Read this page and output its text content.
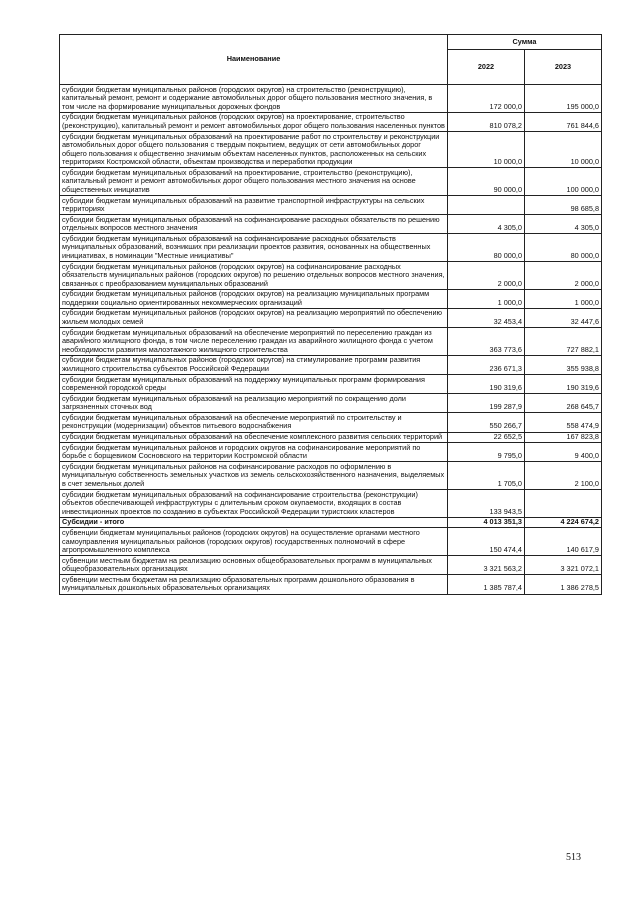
Наименование	Сумма	
	2022	2023
субсидии бюджетам муниципальных районов (городских округов) на строительство (реконструкцию), капитальный ремонт, ремонт и содержание автомобильных дорог общего пользования местного значения, в том числе на формирование муниципальных дорожных фондов	172 000,0	195 000,0
субсидии бюджетам муниципальных районов (городских округов) на проектирование, строительство (реконструкцию), капитальный ремонт и ремонт автомобильных дорог общего пользования населенных пунктов	810 078,2	761 844,6
субсидии бюджетам муниципальных образований на проектирование работ по строительству и реконструкции автомобильных дорог общего пользования с твердым покрытием, ведущих от сети автомобильных дорог общего пользования к общественно значимым объектам населенных пунктов, расположенных на сельских территориях Костромской области, объектам производства и переработки продукции	10 000,0	10 000,0
субсидии бюджетам муниципальных образований на проектирование, строительство (реконструкцию), капитальный ремонт и ремонт автомобильных дорог общего пользования местного значения на основе общественных инициатив	90 000,0	100 000,0
субсидии бюджетам муниципальных образований на развитие транспортной инфраструктуры на сельских территориях		98 685,8
субсидии бюджетам муниципальных образований на софинансирование расходных обязательств по решению отдельных вопросов местного значения	4 305,0	4 305,0
субсидии бюджетам муниципальных образований на софинансирование расходных обязательств муниципальных образований, возникших при реализации проектов развития, основанных на общественных инициативах, в номинации "Местные инициативы"	80 000,0	80 000,0
субсидии бюджетам муниципальных районов (городских округов) на софинансирование расходных обязательств муниципальных районов (городских округов) по решению отдельных вопросов местного значения, связанных с преобразованием муниципальных образований	2 000,0	2 000,0
субсидии бюджетам муниципальных районов (городских округов) на реализацию муниципальных программ поддержки социально ориентированных некоммерческих организаций	1 000,0	1 000,0
субсидии бюджетам муниципальных районов (городских округов) на реализацию мероприятий по обеспечению жильем молодых семей	32 453,4	32 447,6
субсидии бюджетам муниципальных образований на обеспечение мероприятий по переселению граждан из аварийного жилищного фонда, в том числе переселению граждан из аварийного жилищного фонда с учетом необходимости развития малоэтажного жилищного строительства	363 773,6	727 882,1
субсидии бюджетам муниципальных районов (городских округов) на стимулирование программ развития жилищного строительства субъектов Российской Федерации	236 671,3	355 938,8
субсидии бюджетам муниципальных образований на поддержку муниципальных программ формирования современной городской среды	190 319,6	190 319,6
субсидии бюджетам муниципальных образований на реализацию мероприятий по сокращению доли загрязненных сточных вод	199 287,9	268 645,7
субсидии бюджетам муниципальных образований на обеспечение мероприятий по строительству и реконструкции (модернизации) объектов питьевого водоснабжения	550 266,7	558 474,9
субсидии бюджетам муниципальных образований на обеспечение комплексного развития сельских территорий	22 652,5	167 823,8
субсидии бюджетам муниципальных районов и городских округов на софинансирование мероприятий по борьбе с борщевиком Сосновского на территории Костромской области	9 795,0	9 400,0
субсидии бюджетам муниципальных районов на софинансирование расходов по оформлению в муниципальную собственность земельных участков из земель сельскохозяйственного назначения, выделяемых в счет земельных долей	1 705,0	2 100,0
субсидии бюджетам муниципальных образований на софинансирование строительства (реконструкции) объектов обеспечивающей инфраструктуры с длительным сроком окупаемости, входящих в состав инвестиционных проектов по созданию в субъектах Российской Федерации туристских кластеров	133 943,5	
Субсидии - итого	4 013 351,3	4 224 674,2
субвенции бюджетам муниципальных районов (городских округов) на осуществление органами местного самоуправления муниципальных районов (городских округов) государственных полномочий в сфере агропромышленного комплекса	150 474,4	140 617,9
субвенции местным бюджетам на реализацию основных общеобразовательных программ в муниципальных общеобразовательных организациях	3 321 563,2	3 321 072,1
субвенции местным бюджетам на реализацию образовательных программ дошкольного образования в муниципальных дошкольных образовательных организациях	1 385 787,4	1 386 278,5
513
